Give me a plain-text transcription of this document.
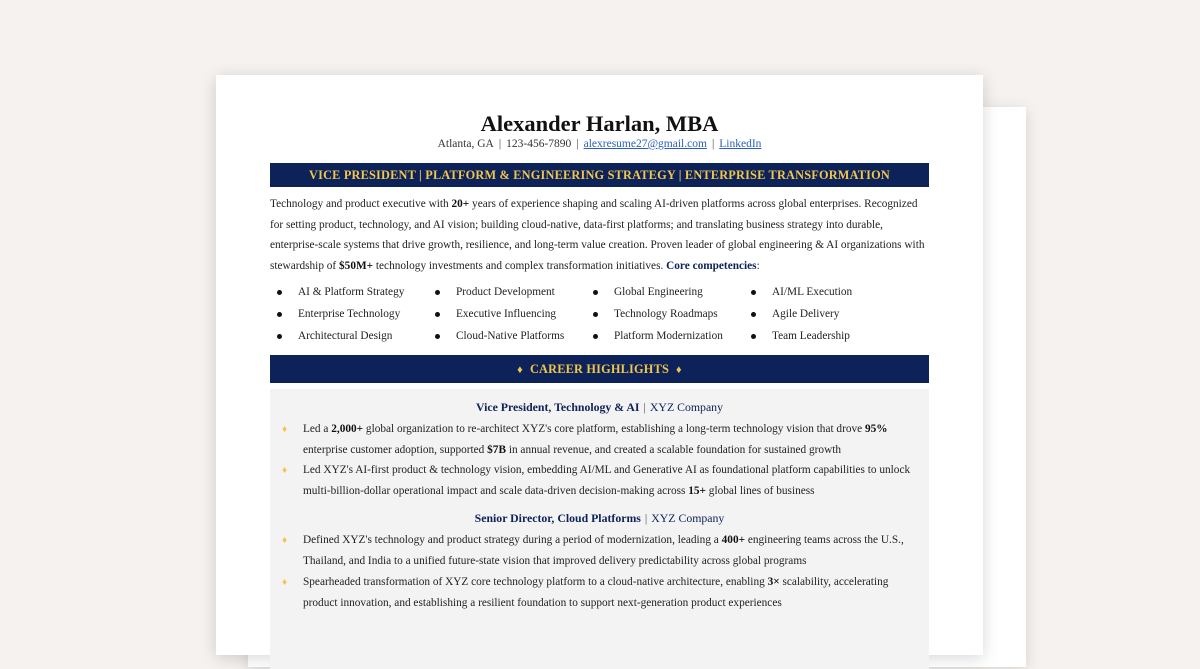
Alexander Harlan, MBA
Atlanta, GA | 123-456-7890 | alexresume27@gmail.com | LinkedIn
VICE PRESIDENT | PLATFORM & ENGINEERING STRATEGY | ENTERPRISE TRANSFORMATION
Technology and product executive with 20+ years of experience shaping and scaling AI-driven platforms across global enterprises. Recognized for setting product, technology, and AI vision; building cloud-native, data-first platforms; and translating business strategy into durable, enterprise-scale systems that drive growth, resilience, and long-term value creation. Proven leader of global engineering & AI organizations with stewardship of $50M+ technology investments and complex transformation initiatives. Core competencies:
AI & Platform Strategy	Product Development	Global Engineering	AI/ML Execution
Enterprise Technology	Executive Influencing	Technology Roadmaps	Agile Delivery
Architectural Design	Cloud-Native Platforms	Platform Modernization	Team Leadership
♦ CAREER HIGHLIGHTS ♦
Vice President, Technology & AI | XYZ Company
♦ Led a 2,000+ global organization to re-architect XYZ's core platform, establishing a long-term technology vision that drove 95% enterprise customer adoption, supported $7B in annual revenue, and created a scalable foundation for sustained growth
♦ Led XYZ's AI-first product & technology vision, embedding AI/ML and Generative AI as foundational platform capabilities to unlock multi-billion-dollar operational impact and scale data-driven decision-making across 15+ global lines of business
Senior Director, Cloud Platforms | XYZ Company
♦ Defined XYZ's technology and product strategy during a period of modernization, leading a 400+ engineering teams across the U.S., Thailand, and India to a unified future-state vision that improved delivery predictability across global programs
♦ Spearheaded transformation of XYZ core technology platform to a cloud-native architecture, enabling 3× scalability, accelerating product innovation, and establishing a resilient foundation to support next-generation product experiences
